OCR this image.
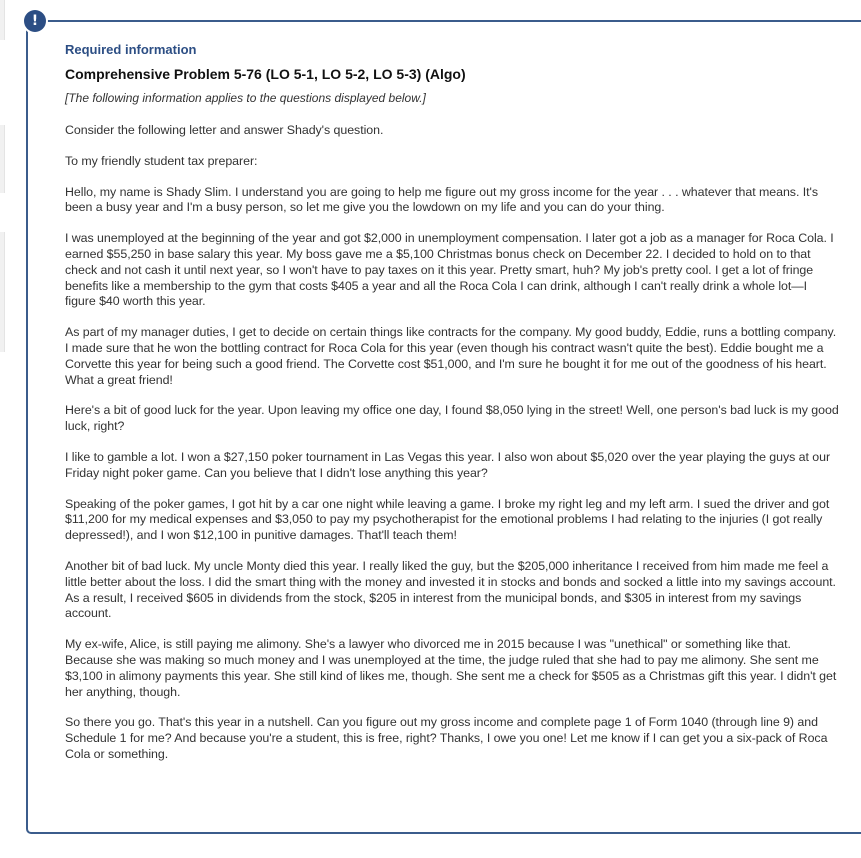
!
Required information
Comprehensive Problem 5-76 (LO 5-1, LO 5-2, LO 5-3) (Algo)

[The following information applies to the questions displayed below.]

Consider the following letter and answer Shady's question.

To my friendly student tax preparer:

Hello, my name is Shady Slim. I understand you are going to help me figure out my gross income for the year . . . whatever that means. It's been a busy year and I'm a busy person, so let me give you the lowdown on my life and you can do your thing.

I was unemployed at the beginning of the year and got $2,000 in unemployment compensation. I later got a job as a manager for Roca Cola. I earned $55,250 in base salary this year. My boss gave me a $5,100 Christmas bonus check on December 22. I decided to hold on to that check and not cash it until next year, so I won't have to pay taxes on it this year. Pretty smart, huh? My job's pretty cool. I get a lot of fringe benefits like a membership to the gym that costs $405 a year and all the Roca Cola I can drink, although I can't really drink a whole lot—I figure $40 worth this year.

As part of my manager duties, I get to decide on certain things like contracts for the company. My good buddy, Eddie, runs a bottling company. I made sure that he won the bottling contract for Roca Cola for this year (even though his contract wasn't quite the best). Eddie bought me a Corvette this year for being such a good friend. The Corvette cost $51,000, and I'm sure he bought it for me out of the goodness of his heart. What a great friend!

Here's a bit of good luck for the year. Upon leaving my office one day, I found $8,050 lying in the street! Well, one person's bad luck is my good luck, right?

I like to gamble a lot. I won a $27,150 poker tournament in Las Vegas this year. I also won about $5,020 over the year playing the guys at our Friday night poker game. Can you believe that I didn't lose anything this year?

Speaking of the poker games, I got hit by a car one night while leaving a game. I broke my right leg and my left arm. I sued the driver and got $11,200 for my medical expenses and $3,050 to pay my psychotherapist for the emotional problems I had relating to the injuries (I got really depressed!), and I won $12,100 in punitive damages. That'll teach them!

Another bit of bad luck. My uncle Monty died this year. I really liked the guy, but the $205,000 inheritance I received from him made me feel a little better about the loss. I did the smart thing with the money and invested it in stocks and bonds and socked a little into my savings account. As a result, I received $605 in dividends from the stock, $205 in interest from the municipal bonds, and $305 in interest from my savings account.

My ex-wife, Alice, is still paying me alimony. She's a lawyer who divorced me in 2015 because I was "unethical" or something like that. Because she was making so much money and I was unemployed at the time, the judge ruled that she had to pay me alimony. She sent me $3,100 in alimony payments this year. She still kind of likes me, though. She sent me a check for $505 as a Christmas gift this year. I didn't get her anything, though.

So there you go. That's this year in a nutshell. Can you figure out my gross income and complete page 1 of Form 1040 (through line 9) and Schedule 1 for me? And because you're a student, this is free, right? Thanks, I owe you one! Let me know if I can get you a six-pack of Roca Cola or something.
